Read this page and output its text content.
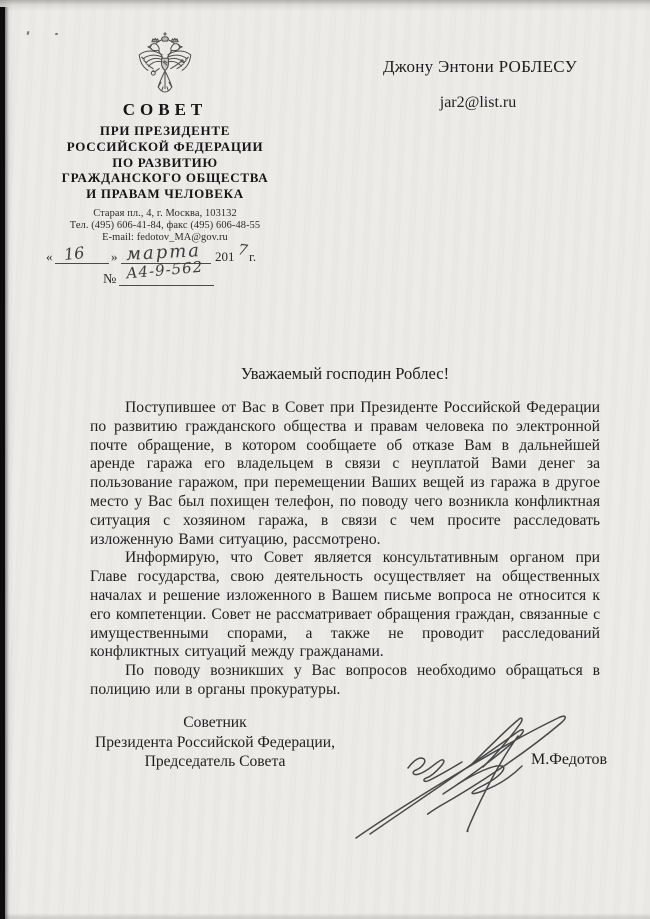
СОВЕТ
ПРИ ПРЕЗИДЕНТЕ
РОССИЙСКОЙ ФЕДЕРАЦИИ
ПО РАЗВИТИЮ
ГРАЖДАНСКОГО ОБЩЕСТВА
И ПРАВАМ ЧЕЛОВЕКА
Старая пл., 4, г. Москва, 103132
Тел. (495) 606-41-84, факс (495) 606-48-55
E-mail: fedotov_MA@gov.ru
« 16 » марта 201 7 г.
№ А4-9-562
Джону Энтони РОБЛЕСУ
jar2@list.ru

Уважаемый господин Роблес!

Поступившее от Вас в Совет при Президенте Российской Федерации по развитию гражданского общества и правам человека по электронной почте обращение, в котором сообщаете об отказе Вам в дальнейшей аренде гаража его владельцем в связи с неуплатой Вами денег за пользование гаражом, при перемещении Ваших вещей из гаража в другое место у Вас был похищен телефон, по поводу чего возникла конфликтная ситуация с хозяином гаража, в связи с чем просите расследовать изложенную Вами ситуацию, рассмотрено.

Информирую, что Совет является консультативным органом при Главе государства, свою деятельность осуществляет на общественных началах и решение изложенного в Вашем письме вопроса не относится к его компетенции. Совет не рассматривает обращения граждан, связанные с имущественными спорами, а также не проводит расследований конфликтных ситуаций между гражданами.

По поводу возникших у Вас вопросов необходимо обращаться в полицию или в органы прокуратуры.

Советник
Президента Российской Федерации,
Председатель Совета	М.Федотов
